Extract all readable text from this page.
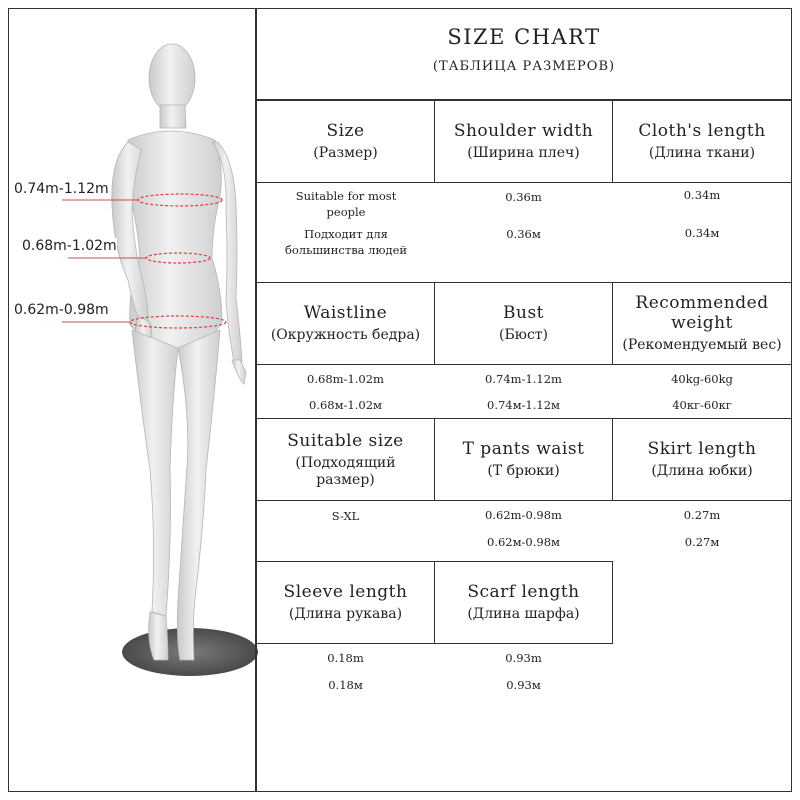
0.74m-1.12m
0.68m-1.02m
0.62m-0.98m
SIZE CHART
(ТАБЛИЦА РАЗМЕРОВ)
Size
(Размер)
Shoulder width
(Ширина плеч)
Cloth's length
(Длина ткани)
Suitable for most people
Подходит для большинства людей
0.36m
0.36м
0.34m
0.34м
Waistline
(Окружность бедра)
Bust
(Бюст)
Recommended weight
(Рекомендуемый вес)
0.68m-1.02m
0.68м-1.02м
0.74m-1.12m
0.74м-1.12м
40kg-60kg
40кг-60кг
Suitable size
(Подходящий размер)
T pants waist
(Т брюки)
Skirt length
(Длина юбки)
S-XL	0.62m-0.98m
0.62м-0.98м
0.27m
0.27м
Sleeve length
(Длина рукава)
Scarf length
(Длина шарфа)
0.18m
0.18м
0.93m
0.93м
